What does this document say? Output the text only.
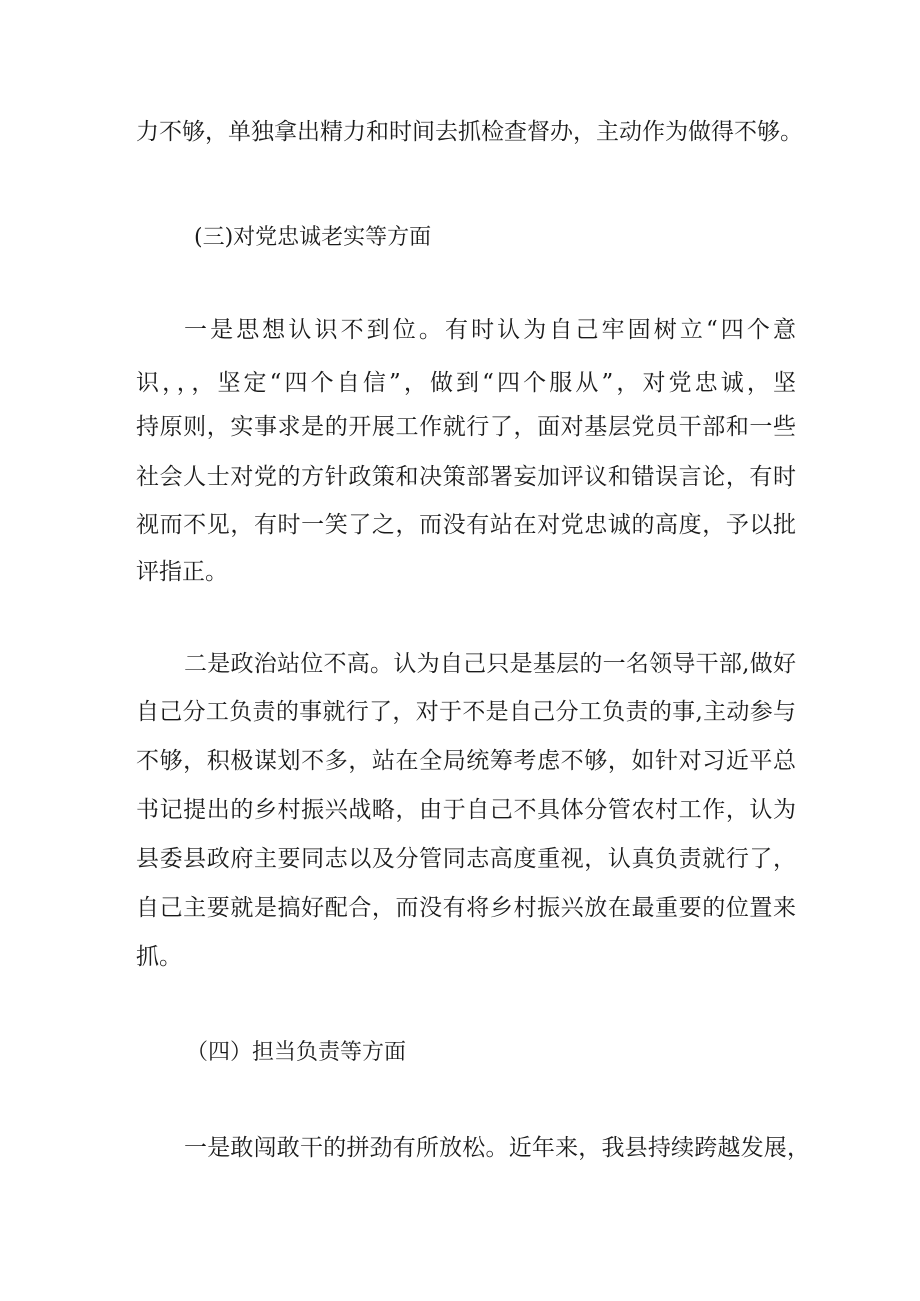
力不够，单独拿出精力和时间去抓检查督办，主动作为做得不够。
(三)对党忠诚老实等方面
一是思想认识不到位。有时认为自己牢固树立“四个意
识，，，坚定“四个自信”，做到“四个服从”，对党忠诚，坚
持原则，实事求是的开展工作就行了，面对基层党员干部和一些
社会人士对党的方针政策和决策部署妄加评议和错误言论，有时
视而不见，有时一笑了之，而没有站在对党忠诚的高度，予以批
评指正。
二是政治站位不高。认为自己只是基层的一名领导干部,做好
自己分工负责的事就行了，对于不是自己分工负责的事,主动参与
不够，积极谋划不多，站在全局统筹考虑不够，如针对习近平总
书记提出的乡村振兴战略，由于自己不具体分管农村工作，认为
县委县政府主要同志以及分管同志高度重视，认真负责就行了，
自己主要就是搞好配合，而没有将乡村振兴放在最重要的位置来
抓。
（四）担当负责等方面
一是敢闯敢干的拼劲有所放松。近年来，我县持续跨越发展，
